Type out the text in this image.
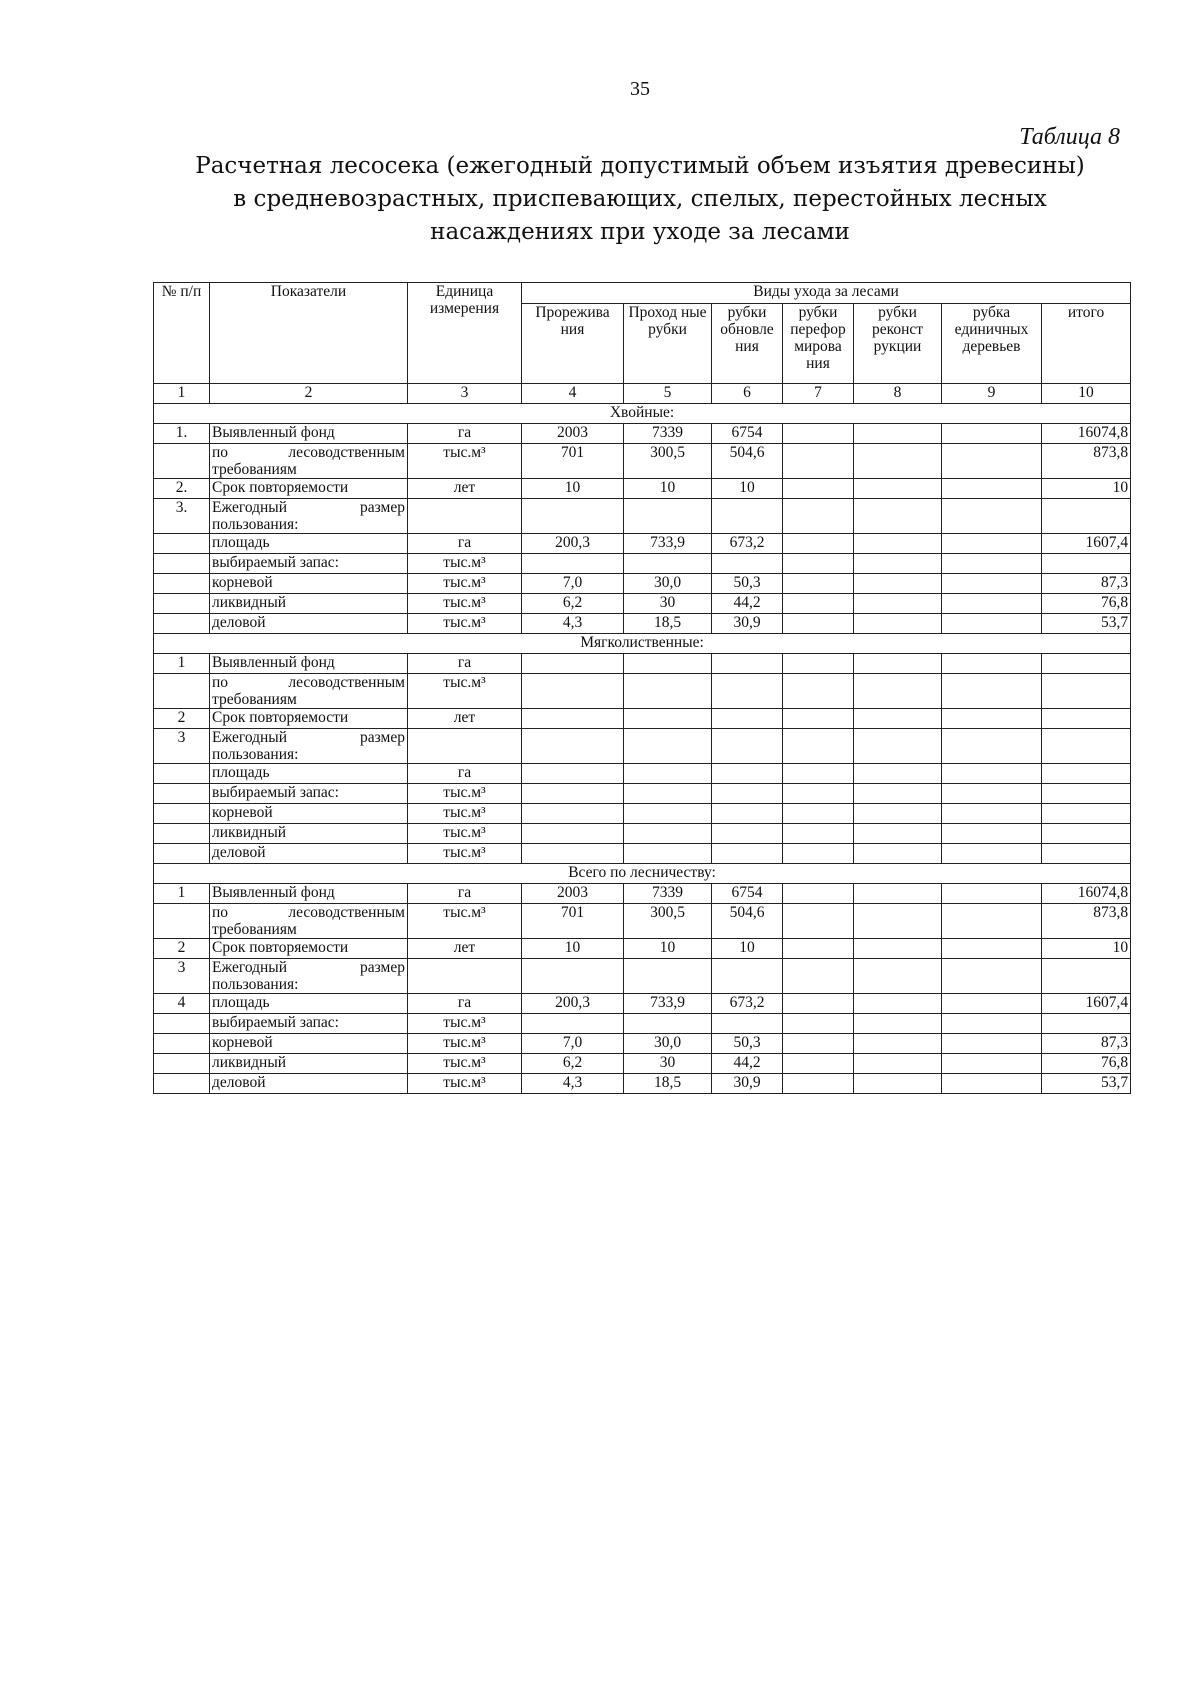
35
Таблица 8
Расчетная лесосека (ежегодный допустимый объем изъятия древесины)
в средневозрастных, приспевающих, спелых, перестойных лесных
насаждениях при уходе за лесами
№ п/п	Показатели	Единица измерения	Виды ухода за лесами						
			Прорежива ния	Проход ные рубки	рубки обновле ния	рубки перефор мирова ния	рубки реконст рукции	рубка единичных деревьев	итого
1	2	3	4	5	6	7	8	9	10
Хвойные:									
1.	Выявленный фонд	га	2003	7339	6754				16074,8
	по лесоводственным требованиям	тыс.м³	701	300,5	504,6				873,8
2.	Срок повторяемости	лет	10	10	10				10
3.	Ежегодный размер пользования:								
	площадь	га	200,3	733,9	673,2				1607,4
	выбираемый запас:	тыс.м³							
	корневой	тыс.м³	7,0	30,0	50,3				87,3
	ликвидный	тыс.м³	6,2	30	44,2				76,8
	деловой	тыс.м³	4,3	18,5	30,9				53,7
Мягколиственные:									
1	Выявленный фонд	га							
	по лесоводственным требованиям	тыс.м³							
2	Срок повторяемости	лет							
3	Ежегодный размер пользования:								
	площадь	га							
	выбираемый запас:	тыс.м³							
	корневой	тыс.м³							
	ликвидный	тыс.м³							
	деловой	тыс.м³							
Всего по лесничеству:									
1	Выявленный фонд	га	2003	7339	6754				16074,8
	по лесоводственным требованиям	тыс.м³	701	300,5	504,6				873,8
2	Срок повторяемости	лет	10	10	10				10
3	Ежегодный размер пользования:								
4	площадь	га	200,3	733,9	673,2				1607,4
	выбираемый запас:	тыс.м³							
	корневой	тыс.м³	7,0	30,0	50,3				87,3
	ликвидный	тыс.м³	6,2	30	44,2				76,8
	деловой	тыс.м³	4,3	18,5	30,9				53,7
